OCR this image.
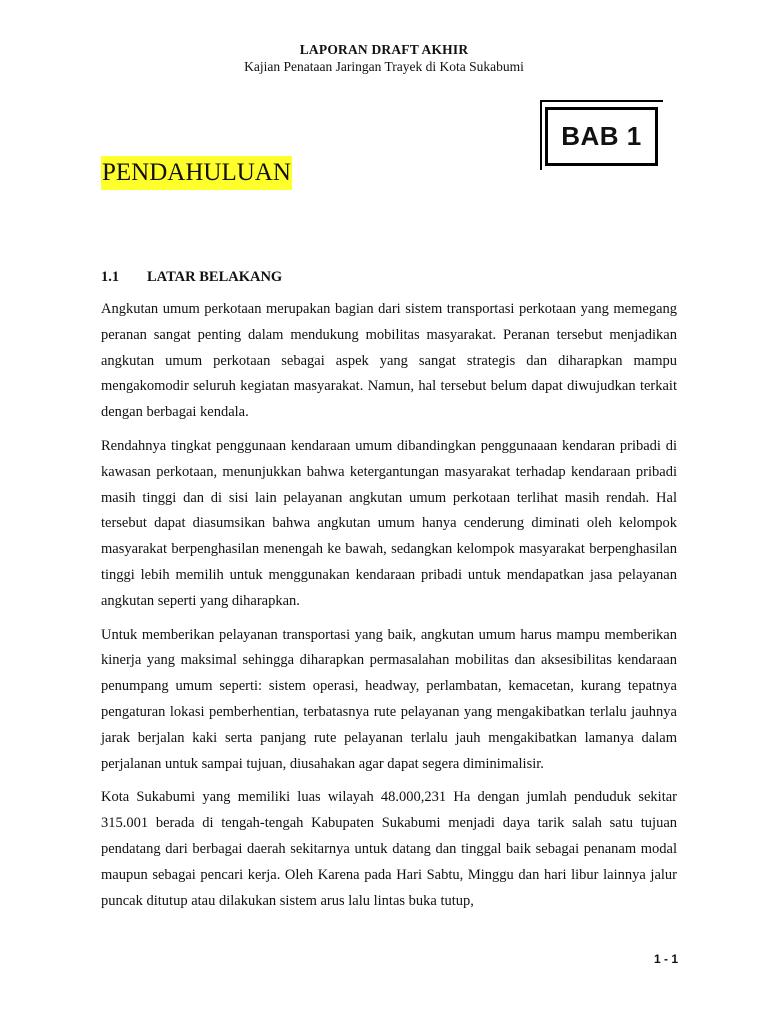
LAPORAN DRAFT AKHIR
Kajian Penataan Jaringan Trayek di Kota Sukabumi
BAB 1
PENDAHULUAN
1.1 LATAR BELAKANG

Angkutan umum perkotaan merupakan bagian dari sistem transportasi perkotaan yang memegang peranan sangat penting dalam mendukung mobilitas masyarakat. Peranan tersebut menjadikan angkutan umum perkotaan sebagai aspek yang sangat strategis dan diharapkan mampu mengakomodir seluruh kegiatan masyarakat. Namun, hal tersebut belum dapat diwujudkan terkait dengan berbagai kendala.

Rendahnya tingkat penggunaan kendaraan umum dibandingkan penggunaaan kendaran pribadi di kawasan perkotaan, menunjukkan bahwa ketergantungan masyarakat terhadap kendaraan pribadi masih tinggi dan di sisi lain pelayanan angkutan umum perkotaan terlihat masih rendah. Hal tersebut dapat diasumsikan bahwa angkutan umum hanya cenderung diminati oleh kelompok masyarakat berpenghasilan menengah ke bawah, sedangkan kelompok masyarakat berpenghasilan tinggi lebih memilih untuk menggunakan kendaraan pribadi untuk mendapatkan jasa pelayanan angkutan seperti yang diharapkan.

Untuk memberikan pelayanan transportasi yang baik, angkutan umum harus mampu memberikan kinerja yang maksimal sehingga diharapkan permasalahan mobilitas dan aksesibilitas kendaraan penumpang umum seperti: sistem operasi, headway, perlambatan, kemacetan, kurang tepatnya pengaturan lokasi pemberhentian, terbatasnya rute pelayanan yang mengakibatkan terlalu jauhnya jarak berjalan kaki serta panjang rute pelayanan terlalu jauh mengakibatkan lamanya dalam perjalanan untuk sampai tujuan, diusahakan agar dapat segera diminimalisir.

Kota Sukabumi yang memiliki luas wilayah 48.000,231 Ha dengan jumlah penduduk sekitar 315.001 berada di tengah-tengah Kabupaten Sukabumi menjadi daya tarik salah satu tujuan pendatang dari berbagai daerah sekitarnya untuk datang dan tinggal baik sebagai penanam modal maupun sebagai pencari kerja. Oleh Karena pada Hari Sabtu, Minggu dan hari libur lainnya jalur puncak ditutup atau dilakukan sistem arus lalu lintas buka tutup,

1 - 1
